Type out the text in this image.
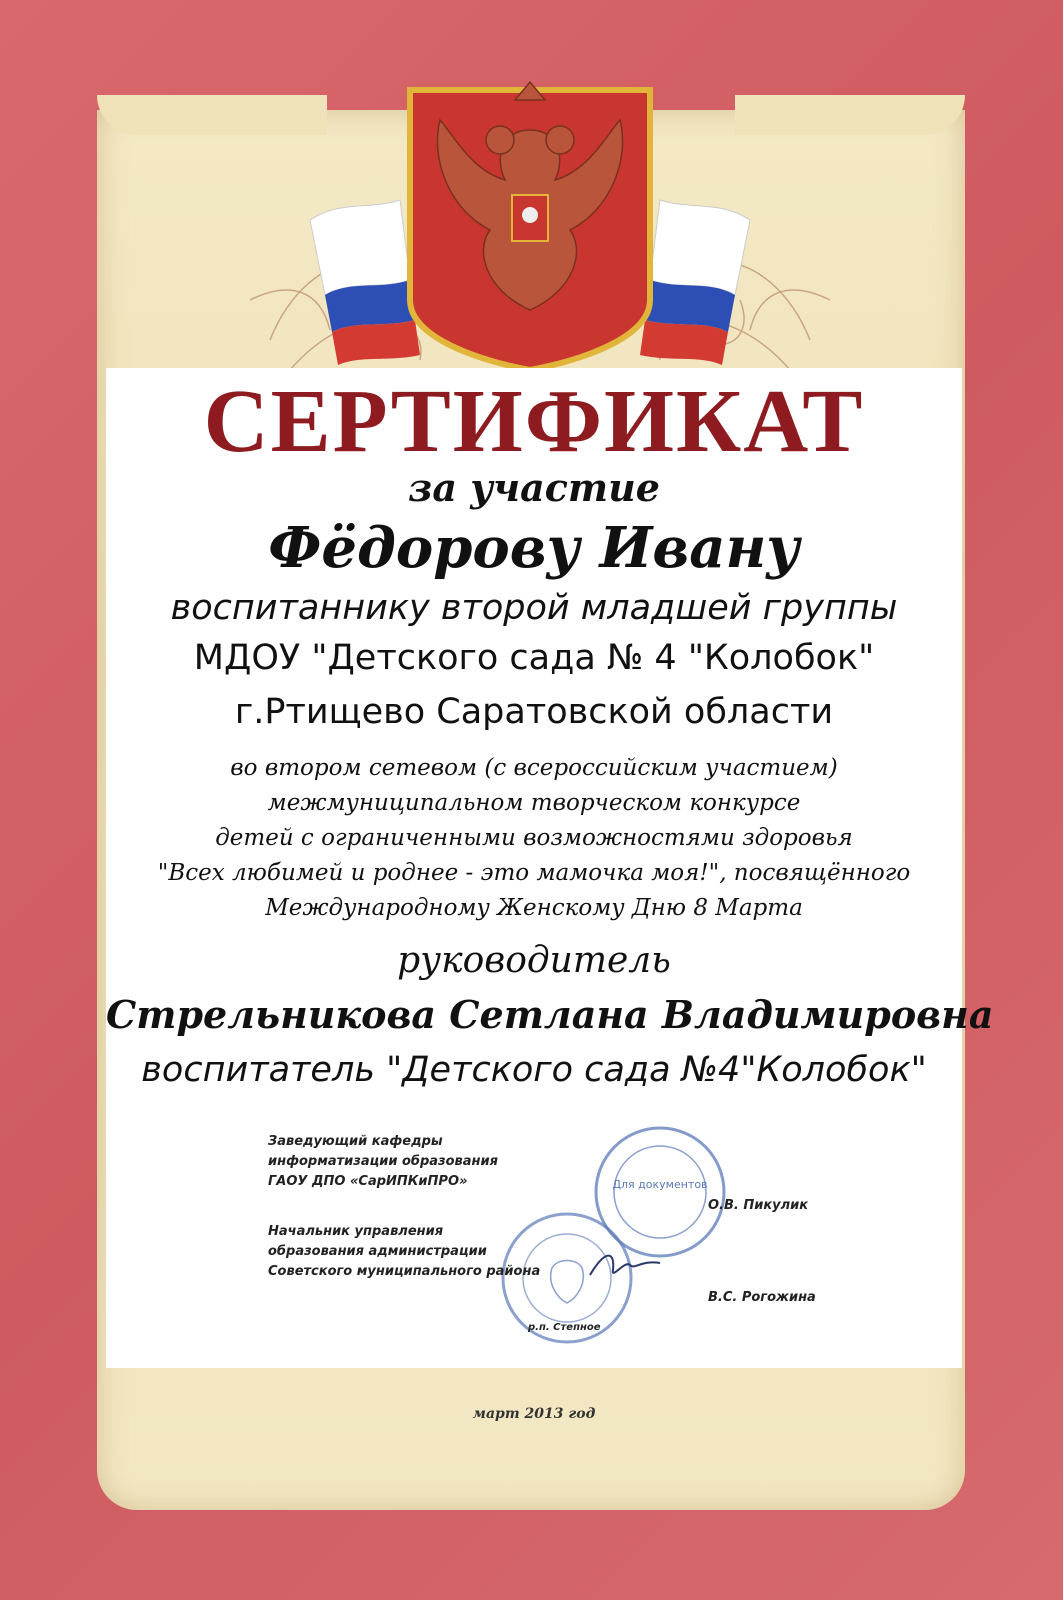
СЕРТИФИКАТ
за участие
Фёдорову Ивану
воспитаннику второй младшей группы
МДОУ "Детского сада № 4 "Колобок"
г.Ртищево Саратовской области
во втором сетевом (с всероссийским участием)
межмуниципальном творческом конкурсе
детей с ограниченными возможностями здоровья
"Всех любимей и роднее - это мамочка моя!", посвящённого
Международному Женскому Дню 8 Марта
руководитель
Стрельникова Сетлана Владимировна
воспитатель "Детского сада №4"Колобок"
Для документов
Заведующий кафедры
информатизации образования
ГАОУ ДПО «СарИПКиПРО»
О.В. Пикулик
Начальник управления
образования администрации
Советского муниципального района
В.С. Рогожина
р.п. Степное
март 2013 год
